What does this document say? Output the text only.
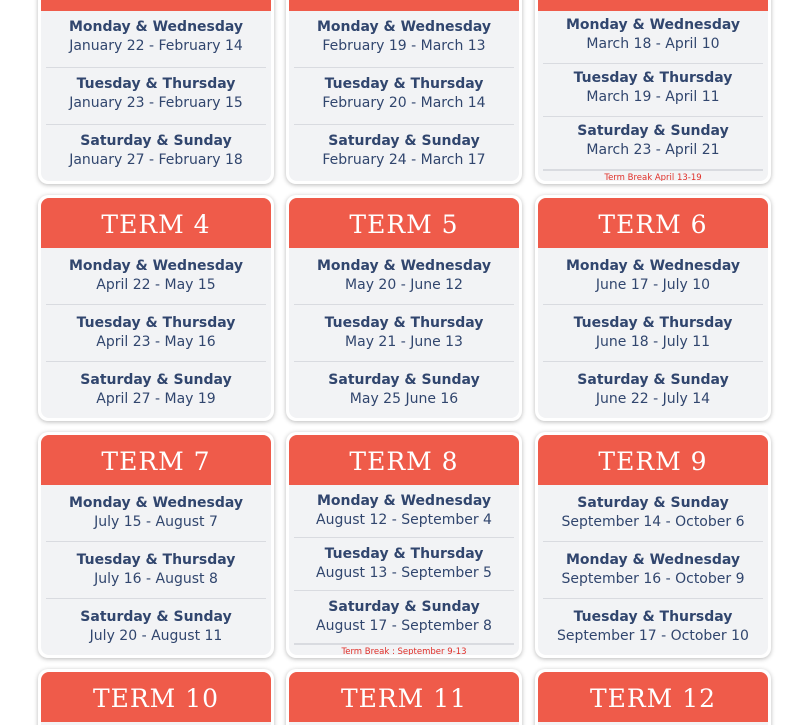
Monday & Wednesday
January 22 - February 14
Tuesday & Thursday
January 23 - February 15
Saturday & Sunday
January 27 - February 18
Monday & Wednesday
February 19 - March 13
Tuesday & Thursday
February 20 - March 14
Saturday & Sunday
February 24 - March 17
Monday & Wednesday
March 18 - April 10
Tuesday & Thursday
March 19 - April 11
Saturday & Sunday
March 23 - April 21
Term Break April 13-19
TERM 4
Monday & Wednesday
April 22 - May 15
Tuesday & Thursday
April 23 - May 16
Saturday & Sunday
April 27 - May 19
TERM 5
Monday & Wednesday
May 20 - June 12
Tuesday & Thursday
May 21 - June 13
Saturday & Sunday
May 25 June 16
TERM 6
Monday & Wednesday
June 17 - July 10
Tuesday & Thursday
June 18 - July 11
Saturday & Sunday
June 22 - July 14
TERM 7
Monday & Wednesday
July 15 - August 7
Tuesday & Thursday
July 16 - August 8
Saturday & Sunday
July 20 - August 11
TERM 8
Monday & Wednesday
August 12 - September 4
Tuesday & Thursday
August 13 - September 5
Saturday & Sunday
August 17 - September 8
Term Break : September 9-13
TERM 9
Saturday & Sunday
September 14 - October 6
Monday & Wednesday
September 16 - October 9
Tuesday & Thursday
September 17 - October 10
TERM 10	TERM 11	TERM 12
